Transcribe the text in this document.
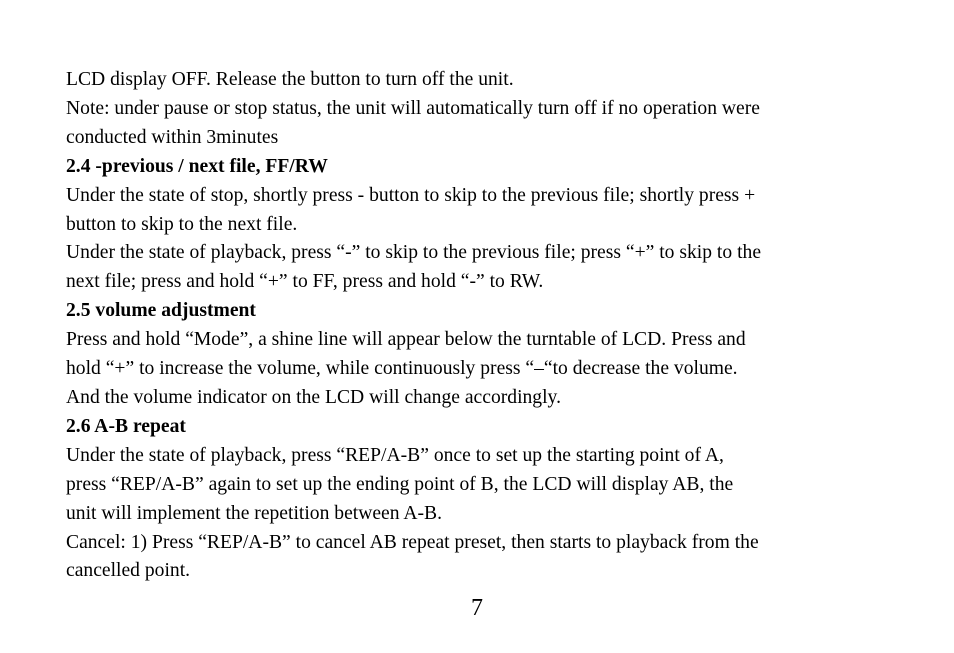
LCD display OFF. Release the button to turn off the unit.
Note: under pause or stop status, the unit will automatically turn off if no operation were
conducted within 3minutes
2.4 -previous / next file, FF/RW
Under the state of stop, shortly press - button to skip to the previous file; shortly press +
button to skip to the next file.
Under the state of playback, press “-” to skip to the previous file; press “+” to skip to the
next file; press and hold “+” to FF, press and hold “-” to RW.
2.5 volume adjustment
Press and hold “Mode”, a shine line will appear below the turntable of LCD. Press and
hold “+” to increase the volume, while continuously press “–“to decrease the volume.
And the volume indicator on the LCD will change accordingly.
2.6 A-B repeat
Under the state of playback, press “REP/A-B” once to set up the starting point of A,
press “REP/A-B” again to set up the ending point of B, the LCD will display AB, the
unit will implement the repetition between A-B.
Cancel: 1) Press “REP/A-B” to cancel AB repeat preset, then starts to playback from the
cancelled point.
7
